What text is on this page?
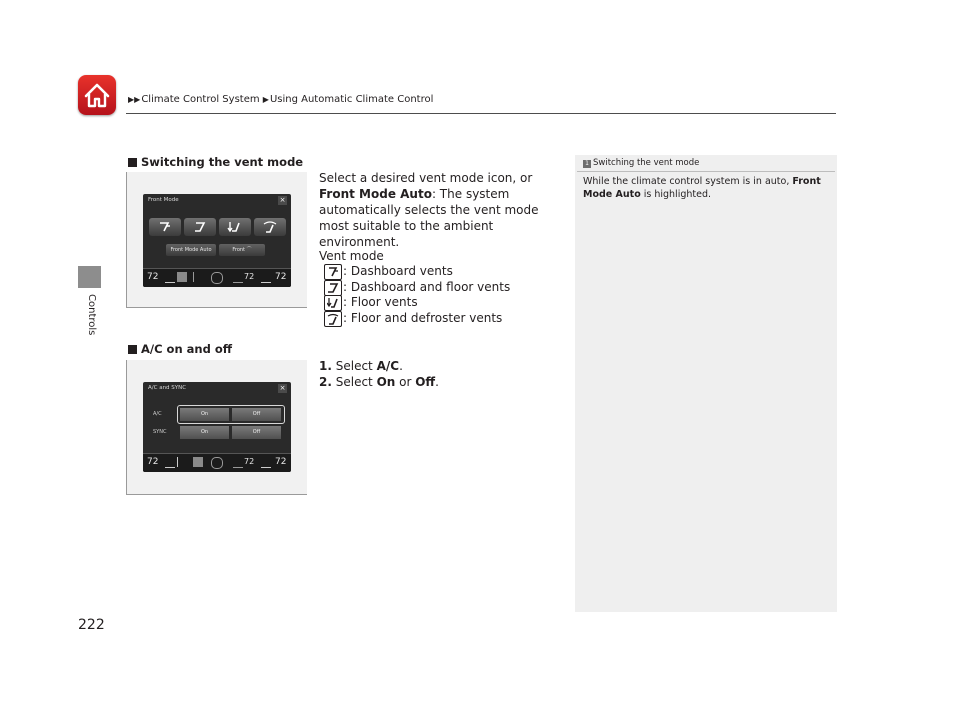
▶▶Climate Control System ▶Using Automatic Climate Control
Controls
222
Switching the vent mode
Front Mode	×
Front Mode Auto	Front ⌒
72	72 72
Select a desired vent mode icon, or Front Mode Auto: The system automatically selects the vent mode most suitable to the ambient environment.
Vent mode
: Dashboard vents
: Dashboard and floor vents
: Floor vents
: Floor and defroster vents
A/C on and off
A/C and SYNC	×
A/C
SYNC
On	Off
On	Off
72	72 72
1. Select A/C.
2. Select On or Off.
1 Switching the vent mode
While the climate control system is in auto, Front Mode Auto is highlighted.
